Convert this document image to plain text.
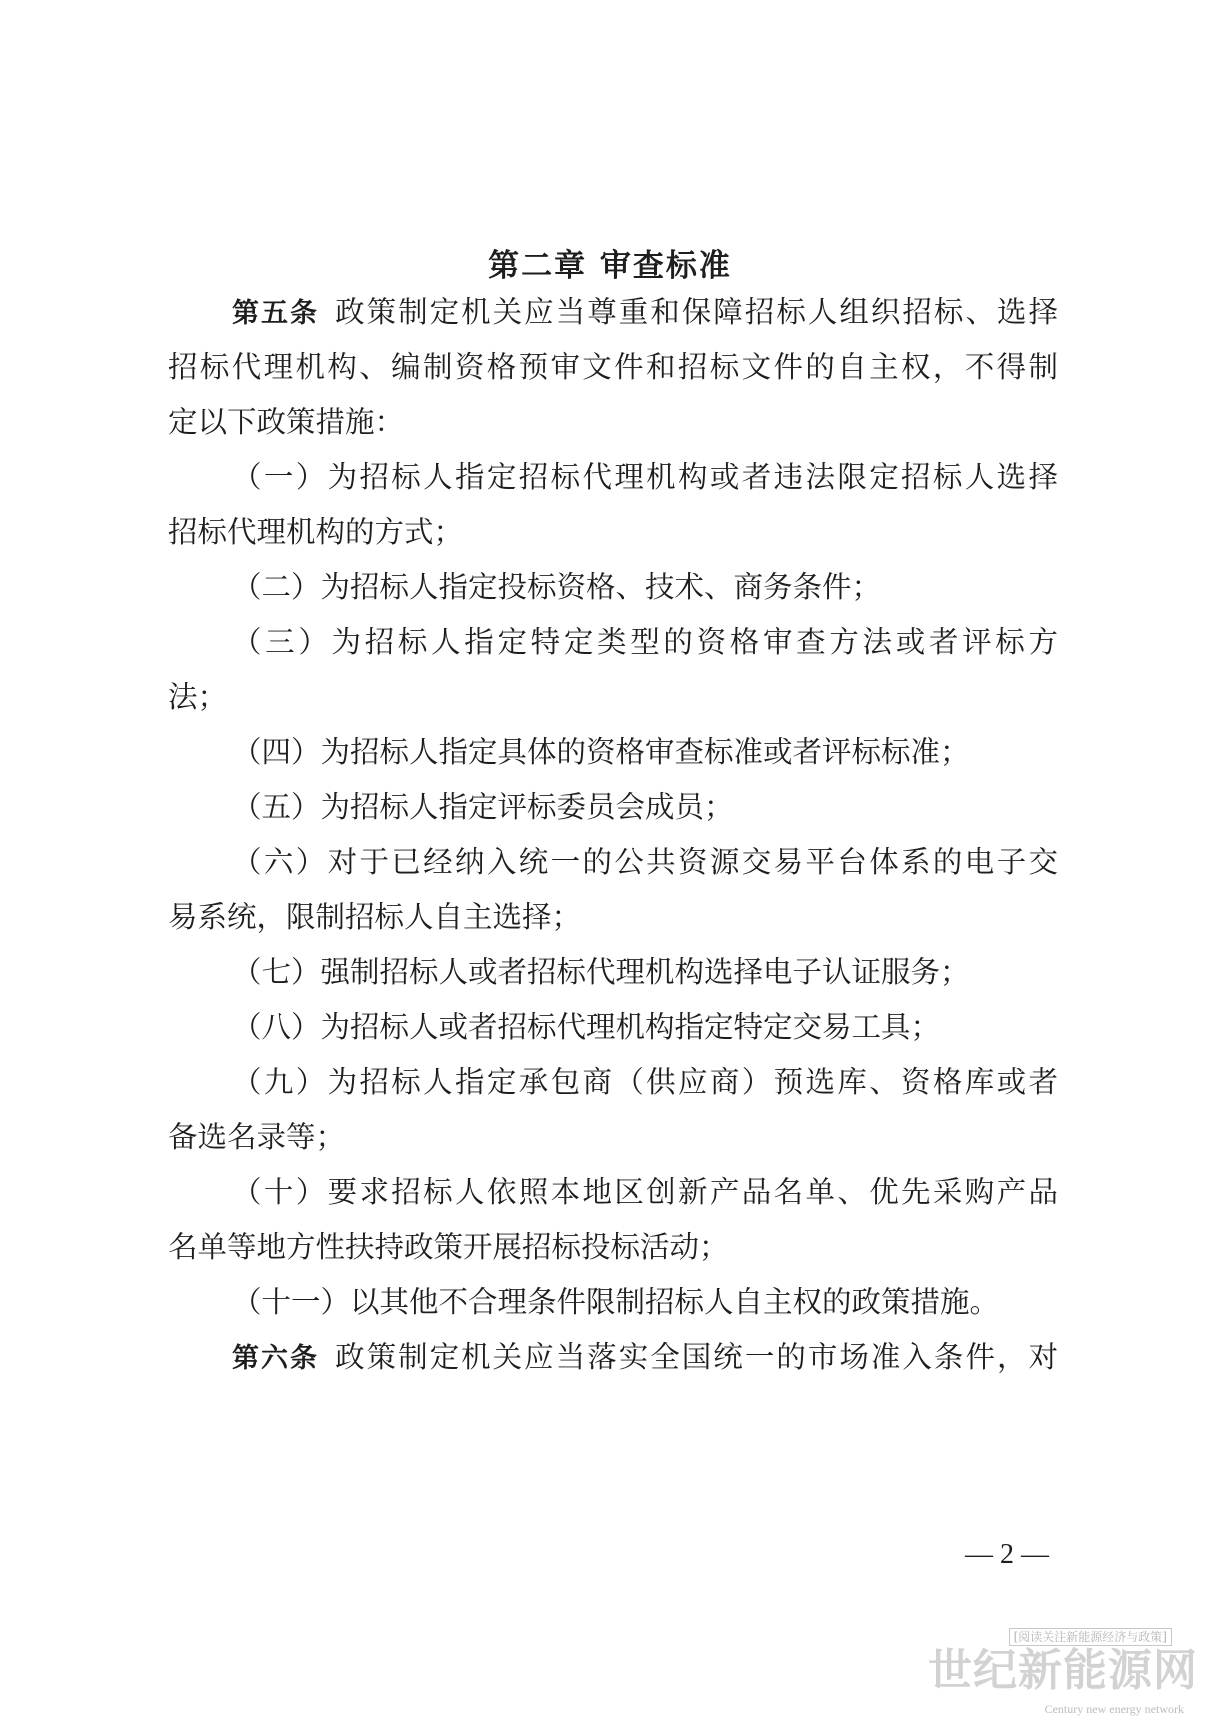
第二章 审查标准
第五条 政策制定机关应当尊重和保障招标人组织招标、选择
招标代理机构、编制资格预审文件和招标文件的自主权，不得制
定以下政策措施：
（一）为招标人指定招标代理机构或者违法限定招标人选择
招标代理机构的方式；
（二）为招标人指定投标资格、技术、商务条件；
（三）为招标人指定特定类型的资格审查方法或者评标方
法；
（四）为招标人指定具体的资格审查标准或者评标标准；
（五）为招标人指定评标委员会成员；
（六）对于已经纳入统一的公共资源交易平台体系的电子交
易系统，限制招标人自主选择；
（七）强制招标人或者招标代理机构选择电子认证服务；
（八）为招标人或者招标代理机构指定特定交易工具；
（九）为招标人指定承包商（供应商）预选库、资格库或者
备选名录等；
（十）要求招标人依照本地区创新产品名单、优先采购产品
名单等地方性扶持政策开展招标投标活动；
（十一）以其他不合理条件限制招标人自主权的政策措施。
第六条 政策制定机关应当落实全国统一的市场准入条件，对
— 2 —
[阅读关注新能源经济与政策]
世纪新能源网
Century new energy network
